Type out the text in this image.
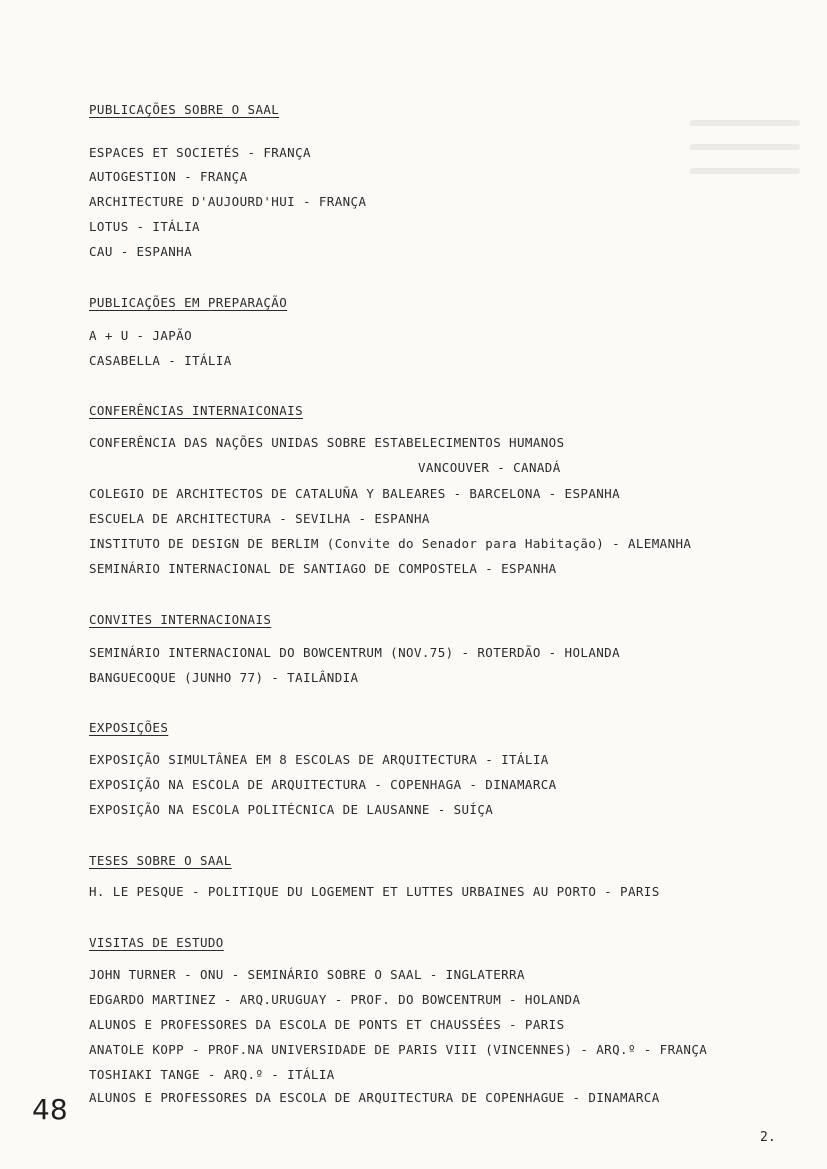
PUBLICAÇÕES SOBRE O SAAL
ESPACES ET SOCIETÉS - FRANÇA
AUTOGESTION - FRANÇA
ARCHITECTURE D'AUJOURD'HUI - FRANÇA
LOTUS - ITÁLIA
CAU - ESPANHA
PUBLICAÇÕES EM PREPARAÇÃO
A + U - JAPÃO
CASABELLA - ITÁLIA
CONFERÊNCIAS INTERNAICONAIS
CONFERÊNCIA DAS NAÇÕES UNIDAS SOBRE ESTABELECIMENTOS HUMANOS
VANCOUVER - CANADÁ
COLEGIO DE ARCHITECTOS DE CATALUÑA Y BALEARES - BARCELONA - ESPANHA
ESCUELA DE ARCHITECTURA - SEVILHA - ESPANHA
INSTITUTO DE DESIGN DE BERLIM (Convite do Senador para Habitação) - ALEMANHA
SEMINÁRIO INTERNACIONAL DE SANTIAGO DE COMPOSTELA - ESPANHA
CONVITES INTERNACIONAIS
SEMINÁRIO INTERNACIONAL DO BOWCENTRUM (NOV.75) - ROTERDÃO - HOLANDA
BANGUECOQUE (JUNHO 77) - TAILÂNDIA
EXPOSIÇÕES
EXPOSIÇÃO SIMULTÂNEA EM 8 ESCOLAS DE ARQUITECTURA - ITÁLIA
EXPOSIÇÃO NA ESCOLA DE ARQUITECTURA - COPENHAGA - DINAMARCA
EXPOSIÇÃO NA ESCOLA POLITÉCNICA DE LAUSANNE - SUÍÇA
TESES SOBRE O SAAL
H. LE PESQUE - POLITIQUE DU LOGEMENT ET LUTTES URBAINES AU PORTO - PARIS
VISITAS DE ESTUDO
JOHN TURNER - ONU - SEMINÁRIO SOBRE O SAAL - INGLATERRA
EDGARDO MARTINEZ - ARQ.URUGUAY - PROF. DO BOWCENTRUM - HOLANDA
ALUNOS E PROFESSORES DA ESCOLA DE PONTS ET CHAUSSÉES - PARIS
ANATOLE KOPP - PROF.NA UNIVERSIDADE DE PARIS VIII (VINCENNES) - ARQ.º - FRANÇA
TOSHIAKI TANGE - ARQ.º - ITÁLIA
ALUNOS E PROFESSORES DA ESCOLA DE ARQUITECTURA DE COPENHAGUE - DINAMARCA
48
2.
